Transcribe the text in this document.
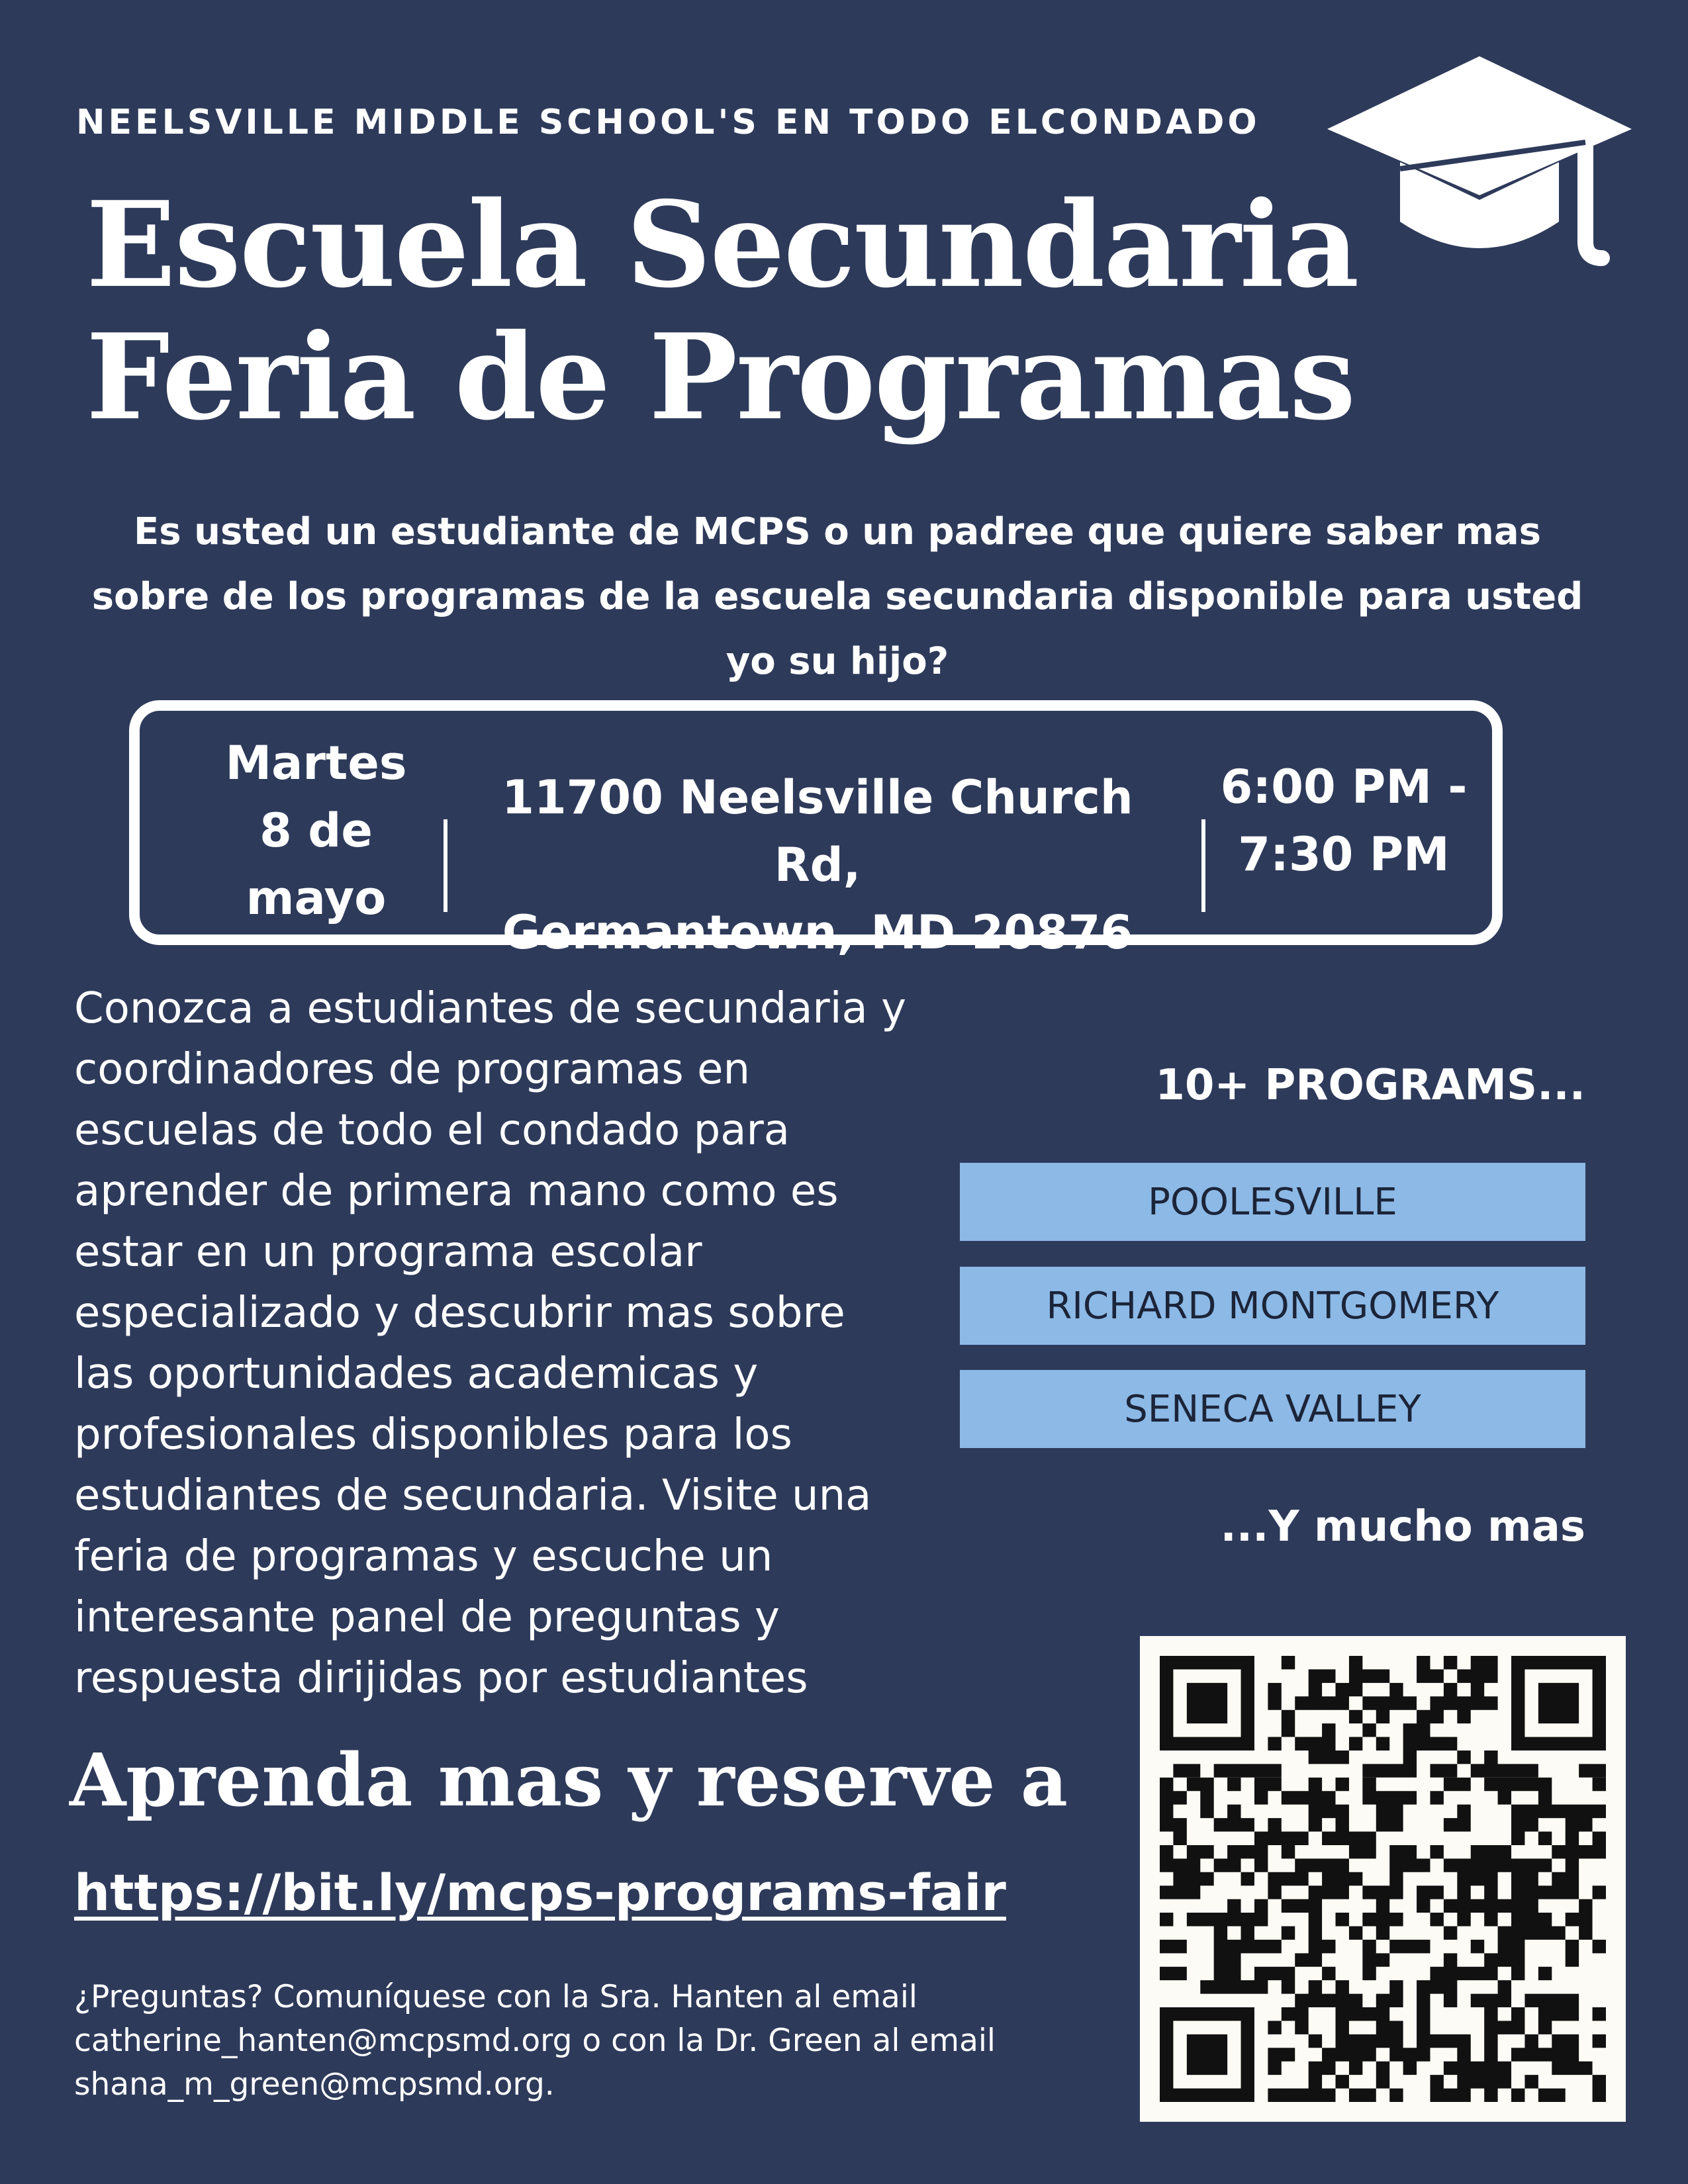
NEELSVILLE MIDDLE SCHOOL'S EN TODO ELCONDADO
Escuela Secundaria
Feria de Programas
Es usted un estudiante de MCPS o un padree que quiere saber mas
sobre de los programas de la escuela secundaria disponible para usted
yo su hijo?
Martes
8 de
mayo
11700 Neelsville Church Rd,
Germantown, MD 20876
6:00 PM -
7:30 PM
Conozca a estudiantes de secundaria y
coordinadores de programas en
escuelas de todo el condado para
aprender de primera mano como es
estar en un programa escolar
especializado y descubrir mas sobre
las oportunidades academicas y
profesionales disponibles para los
estudiantes de secundaria. Visite una
feria de programas y escuche un
interesante panel de preguntas y
respuesta dirijidas por estudiantes
10+ PROGRAMS...
POOLESVILLE
RICHARD MONTGOMERY
SENECA VALLEY
...Y mucho mas
Aprenda mas y reserve a
https://bit.ly/mcps-programs-fair
¿Preguntas? Comuníquese con la Sra. Hanten al email
catherine_hanten@mcpsmd.org o con la Dr. Green al email
shana_m_green@mcpsmd.org.
